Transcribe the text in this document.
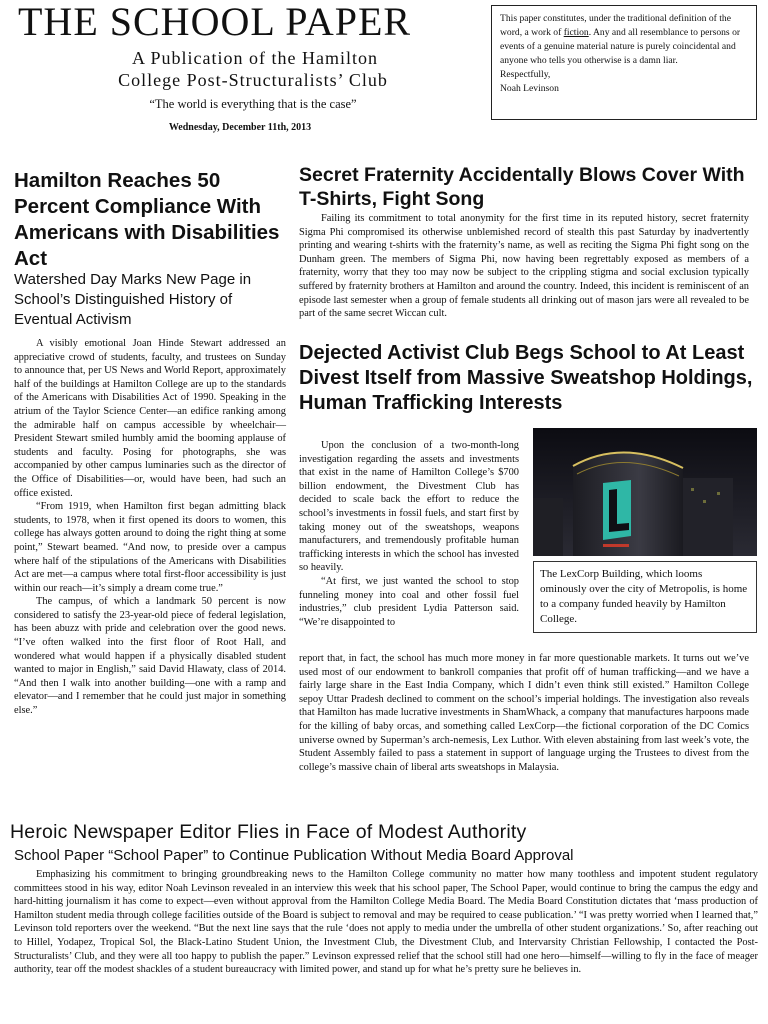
THE SCHOOL PAPER
A Publication of the Hamilton
College Post-Structuralists’ Club
“The world is everything that is the case”
Wednesday, December 11th, 2013
This paper constitutes, under the traditional definition of the word, a work of fiction. Any and all resemblance to persons or events of a genuine material nature is purely coincidental and anyone who tells you otherwise is a damn liar.
Respectfully,
Noah Levinson
Hamilton Reaches 50 Percent Compliance With Americans with Disabilities Act
Watershed Day Marks New Page in School’s Distinguished History of Eventual Activism

A visibly emotional Joan Hinde Stewart addressed an appreciative crowd of students, faculty, and trustees on Sunday to announce that, per US News and World Report, approximately half of the buildings at Hamilton College are up to the standards of the Americans with Disabilities Act of 1990. Speaking in the atrium of the Taylor Science Center—an edifice ranking among the admirable half on campus accessible by wheelchair—President Stewart smiled humbly amid the booming applause of students and faculty. Posing for photographs, she was accompanied by other campus luminaries such as the director of the Office of Disabilities—or, would have been, had such an office existed.

“From 1919, when Hamilton first began admitting black students, to 1978, when it first opened its doors to women, this college has always gotten around to doing the right thing at some point,” Stewart beamed. “And now, to preside over a campus where half of the stipulations of the Americans with Disabilities Act are met—a campus where total first-floor accessibility is just within our reach—it’s simply a dream come true.”

The campus, of which a landmark 50 percent is now considered to satisfy the 23-year-old piece of federal legislation, has been abuzz with pride and celebration over the good news. “I’ve often walked into the first floor of Root Hall, and wondered what would happen if a physically disabled student wanted to major in English,” said David Hlawaty, class of 2014. “And then I walk into another building—one with a ramp and elevator—and I remember that he could just major in something else.”

Secret Fraternity Accidentally Blows Cover With T-Shirts, Fight Song

Failing its commitment to total anonymity for the first time in its reputed history, secret fraternity Sigma Phi compromised its otherwise unblemished record of stealth this past Saturday by inadvertently printing and wearing t-shirts with the fraternity’s name, as well as reciting the Sigma Phi fight song on the Dunham green. The members of Sigma Phi, now having been regrettably exposed as members of a fraternity, worry that they too may now be subject to the crippling stigma and social exclusion typically suffered by fraternity brothers at Hamilton and around the country. Indeed, this incident is reminiscent of an episode last semester when a group of female students all drinking out of mason jars were all revealed to be part of the same secret Wiccan cult.

Dejected Activist Club Begs School to At Least Divest Itself from Massive Sweatshop Holdings, Human Trafficking Interests

Upon the conclusion of a two-month-long investigation regarding the assets and investments that exist in the name of Hamilton College’s $700 billion endowment, the Divestment Club has decided to scale back the effort to reduce the school’s investments in fossil fuels, and start first by taking money out of the sweatshops, weapons manufacturers, and tremendously profitable human trafficking interests in which the school has invested so heavily.

“At first, we just wanted the school to stop funneling money into coal and other fossil fuel industries,” club president Lydia Patterson said. “We’re disappointed to

report that, in fact, the school has much more money in far more questionable markets. It turns out we’ve used most of our endowment to bankroll companies that profit off of human trafficking—and we have a fairly large share in the East India Company, which I didn’t even think still existed.” Hamilton College sepoy Uttar Pradesh declined to comment on the school’s imperial holdings. The investigation also reveals that Hamilton has made lucrative investments in ShamWhack, a company that manufactures harpoons made for the killing of baby orcas, and something called LexCorp—the fictional corporation of the DC Comics universe owned by Superman’s arch-nemesis, Lex Luthor. With eleven abstaining from last week’s vote, the Student Assembly failed to pass a statement in support of language urging the Trustees to divest from the college’s massive chain of liberal arts sweatshops in Malaysia.

The LexCorp Building, which looms ominously over the city of Metropolis, is home to a company funded heavily by Hamilton College.
Heroic Newspaper Editor Flies in Face of Modest Authority
School Paper “School Paper” to Continue Publication Without Media Board Approval

Emphasizing his commitment to bringing groundbreaking news to the Hamilton College community no matter how many toothless and impotent student regulatory committees stood in his way, editor Noah Levinson revealed in an interview this week that his school paper, The School Paper, would continue to bring the campus the edgy and hard-hitting journalism it has come to expect—even without approval from the Hamilton College Media Board. The Media Board Constitution dictates that ‘mass production of Hamilton student media through college facilities outside of the Board is subject to removal and may be required to cease publication.’ “I was pretty worried when I learned that,” Levinson told reporters over the weekend. “But the next line says that the rule ‘does not apply to media under the umbrella of other student organizations.’ So, after reaching out to Hillel, Yodapez, Tropical Sol, the Black-Latino Student Union, the Investment Club, the Divestment Club, and Intervarsity Christian Fellowship, I contacted the Post-Structuralists’ Club, and they were all too happy to publish the paper.” Levinson expressed relief that the school still had one hero—himself—willing to fly in the face of meager authority, tear off the modest shackles of a student bureaucracy with limited power, and stand up for what he’s pretty sure he believes in.
